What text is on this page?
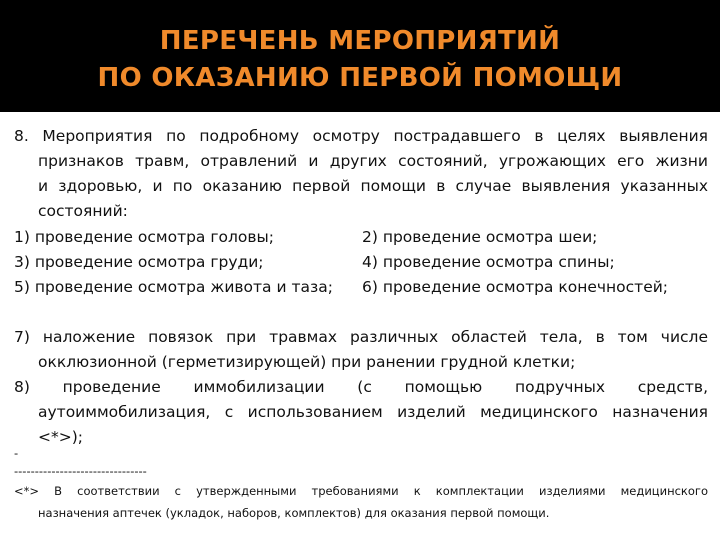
ПЕРЕЧЕНЬ МЕРОПРИЯТИЙ
ПО ОКАЗАНИЮ ПЕРВОЙ ПОМОЩИ
8. Мероприятия по подробному осмотру пострадавшего в целях выявления
признаков травм, отравлений и других состояний, угрожающих его жизни
и здоровью, и по оказанию первой помощи в случае выявления указанных
состояний:
1) проведение осмотра головы;	2) проведение осмотра шеи;
3) проведение осмотра груди;	4) проведение осмотра спины;
5) проведение осмотра живота и таза; 6) проведение осмотра конечностей;
7) наложение повязок при травмах различных областей тела, в том числе
окклюзионной (герметизирующей) при ранении грудной клетки;
8) проведение иммобилизации (с помощью подручных средств,
аутоиммобилизация, с использованием изделий медицинского назначения
<*>);
-
--------------------------------
<*> В соответствии с утвержденными требованиями к комплектации изделиями медицинского
назначения аптечек (укладок, наборов, комплектов) для оказания первой помощи.
